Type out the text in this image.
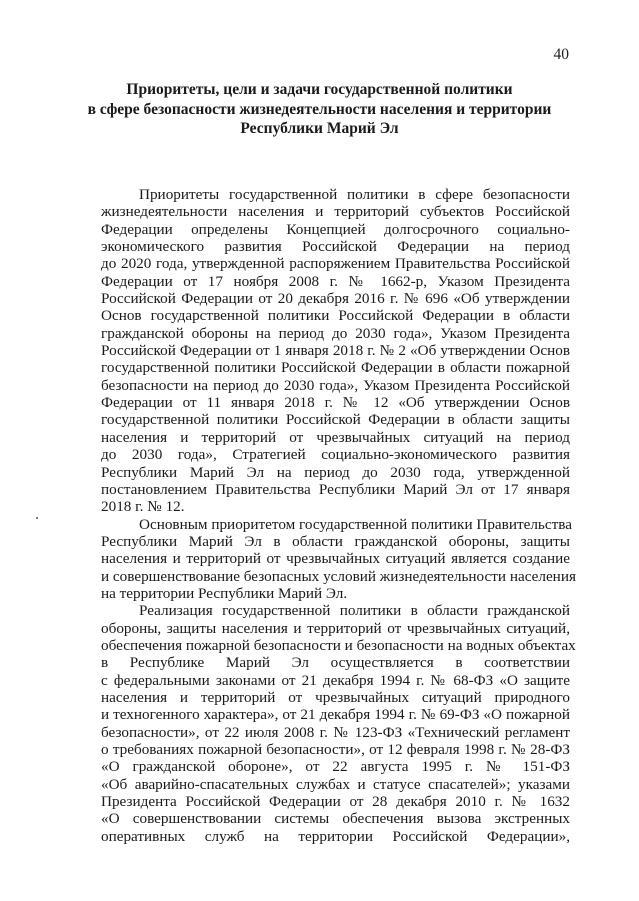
40
Приоритеты, цели и задачи государственной политики
в сфере безопасности жизнедеятельности населения и территории
Республики Марий Эл
Приоритеты государственной политики в сфере безопасности
жизнедеятельности населения и территорий субъектов Российской
Федерации определены Концепцией долгосрочного социально-
экономического развития Российской Федерации на период
до 2020 года, утвержденной распоряжением Правительства Российской
Федерации от 17 ноября 2008 г. № 1662-р, Указом Президента
Российской Федерации от 20 декабря 2016 г. № 696 «Об утверждении
Основ государственной политики Российской Федерации в области
гражданской обороны на период до 2030 года», Указом Президента
Российской Федерации от 1 января 2018 г. № 2 «Об утверждении Основ
государственной политики Российской Федерации в области пожарной
безопасности на период до 2030 года», Указом Президента Российской
Федерации от 11 января 2018 г. № 12 «Об утверждении Основ
государственной политики Российской Федерации в области защиты
населения и территорий от чрезвычайных ситуаций на период
до 2030 года», Стратегией социально-экономического развития
Республики Марий Эл на период до 2030 года, утвержденной
постановлением Правительства Республики Марий Эл от 17 января
2018 г. № 12.
Основным приоритетом государственной политики Правительства
Республики Марий Эл в области гражданской обороны, защиты
населения и территорий от чрезвычайных ситуаций является создание
и совершенствование безопасных условий жизнедеятельности населения
на территории Республики Марий Эл.
Реализация государственной политики в области гражданской
обороны, защиты населения и территорий от чрезвычайных ситуаций,
обеспечения пожарной безопасности и безопасности на водных объектах
в Республике Марий Эл осуществляется в соответствии
с федеральными законами от 21 декабря 1994 г. № 68-ФЗ «О защите
населения и территорий от чрезвычайных ситуаций природного
и техногенного характера», от 21 декабря 1994 г. № 69-ФЗ «О пожарной
безопасности», от 22 июля 2008 г. № 123-ФЗ «Технический регламент
о требованиях пожарной безопасности», от 12 февраля 1998 г. № 28-ФЗ
«О гражданской обороне», от 22 августа 1995 г. № 151-ФЗ
«Об аварийно-спасательных службах и статусе спасателей»; указами
Президента Российской Федерации от 28 декабря 2010 г. № 1632
«О совершенствовании системы обеспечения вызова экстренных
оперативных служб на территории Российской Федерации»,
